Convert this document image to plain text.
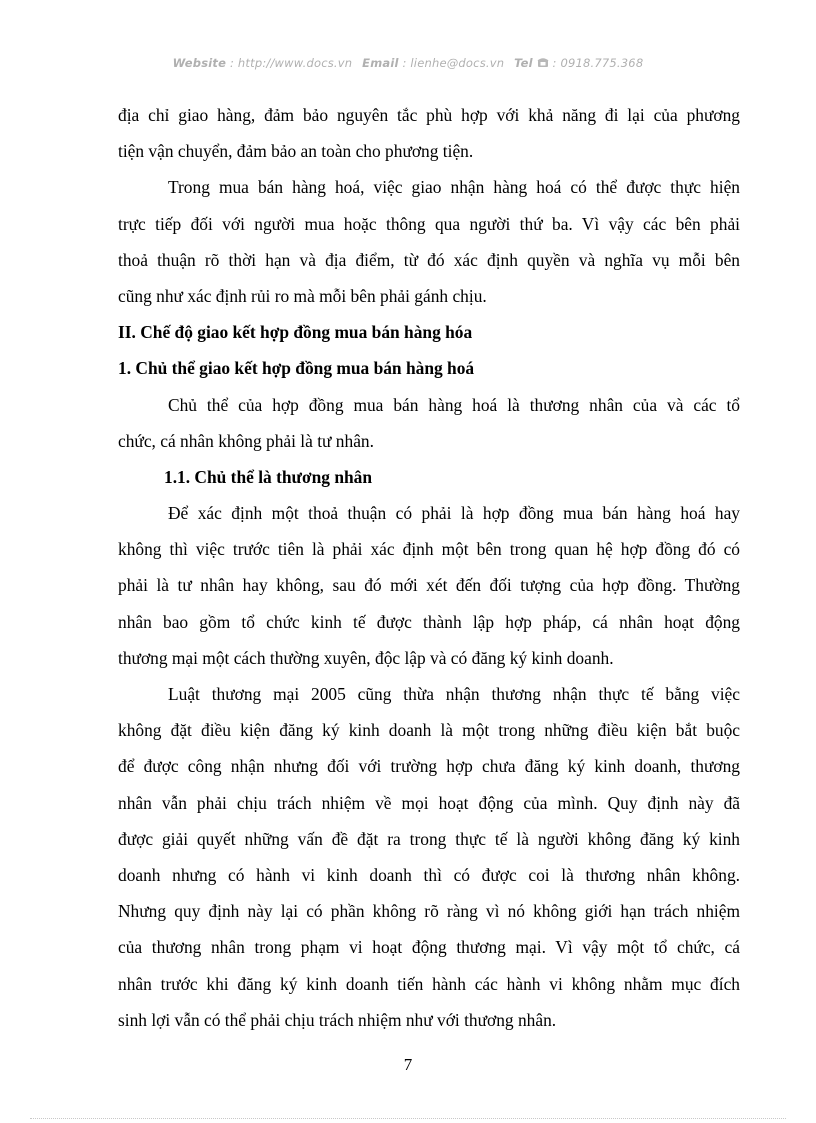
Website : http://www.docs.vn Email : lienhe@docs.vn Tel : 0918.775.368
địa chỉ giao hàng, đảm bảo nguyên tắc phù hợp với khả năng đi lại của phương
tiện vận chuyển, đảm bảo an toàn cho phương tiện.
Trong mua bán hàng hoá, việc giao nhận hàng hoá có thể được thực hiện
trực tiếp đối với người mua hoặc thông qua người thứ ba. Vì vậy các bên phải
thoả thuận rõ thời hạn và địa điểm, từ đó xác định quyền và nghĩa vụ mỗi bên
cũng như xác định rủi ro mà mỗi bên phải gánh chịu.
II. Chế độ giao kết hợp đồng mua bán hàng hóa
1. Chủ thể giao kết hợp đồng mua bán hàng hoá
Chủ thể của hợp đồng mua bán hàng hoá là thương nhân của và các tổ
chức, cá nhân không phải là tư nhân.
1.1. Chủ thể là thương nhân
Để xác định một thoả thuận có phải là hợp đồng mua bán hàng hoá hay
không thì việc trước tiên là phải xác định một bên trong quan hệ hợp đồng đó có
phải là tư nhân hay không, sau đó mới xét đến đối tượng của hợp đồng. Thường
nhân bao gồm tổ chức kinh tế được thành lập hợp pháp, cá nhân hoạt động
thương mại một cách thường xuyên, độc lập và có đăng ký kinh doanh.
Luật thương mại 2005 cũng thừa nhận thương nhận thực tế bằng việc
không đặt điều kiện đăng ký kinh doanh là một trong những điều kiện bắt buộc
để được công nhận nhưng đối với trường hợp chưa đăng ký kinh doanh, thương
nhân vẫn phải chịu trách nhiệm về mọi hoạt động của mình. Quy định này đã
được giải quyết những vấn đề đặt ra trong thực tế là người không đăng ký kinh
doanh nhưng có hành vi kinh doanh thì có được coi là thương nhân không.
Nhưng quy định này lại có phần không rõ ràng vì nó không giới hạn trách nhiệm
của thương nhân trong phạm vi hoạt động thương mại. Vì vậy một tổ chức, cá
nhân trước khi đăng ký kinh doanh tiến hành các hành vi không nhằm mục đích
sinh lợi vẫn có thể phải chịu trách nhiệm như với thương nhân.
7
